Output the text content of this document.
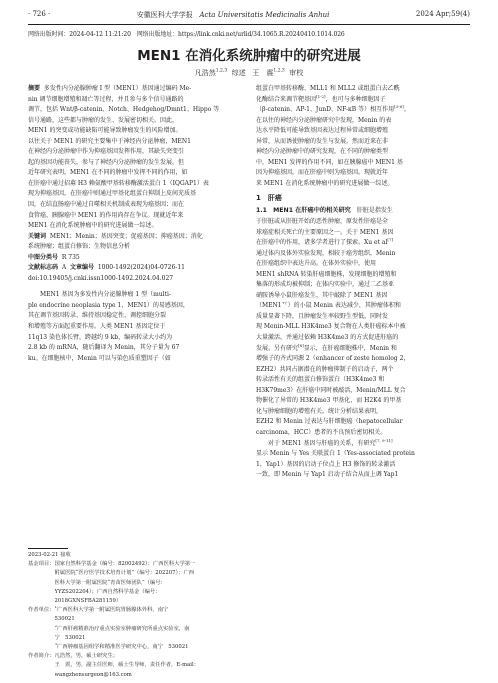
· 726 ·	安徽医科大学学报 Acta Universitatis Medicinalis Anhui	2024 Apr;59(4)
网络出版时间：2024-04-12 11:21:20　网络出版地址：https://link.cnki.net/urlid/34.1065.R.20240410.1014.026
MEN1 在消化系统肿瘤中的研究进展
凡浩然$^{1,2,3}$ 综述 王　震$^{1,2,3}$ 审校
摘要 多发性内分泌腺肿瘤 Ⅰ 型（MEN1）基因通过编码 Me-
nin 调节细胞增殖和凋亡等过程，并且参与多个信号通路的
调节，包括 Wnt/β-catenin、Notch、Hedgehog/Dmnt1、Hippo 等
信号通路，这些都与肿瘤的发生、发展密切相关。因此，
MEN1 的突变或功能缺陷可能导致肿瘤发生的风险增加。
以往关于 MEN1 的研究主要集中于神经内分泌肿瘤，MEN1
在神经内分泌肿瘤中作为抑癌基因发挥作用，其缺失突变引
起的基因功能丧失，参与了神经内分泌肿瘤的发生发展。但
近年研究表明，MEN1 在不同的肿瘤中发挥不同的作用，如
在肝癌中通过招募 H3 赖氨酸甲基转移酶激活蛋白 1（IQGAP1）表
现为抑癌基因，在肝癌中则通过甲基化组蛋白抑制上皮间充质基
因，在结直肠癌中通过自噬相关机制成表现为癌基因；而在
食管癌、胰腺癌中 MEN1 的作用尚存在争议。现就近年来
MEN1 在消化系统肿瘤中的研究进展做一综述。
关键词 MEN1；Menin；基因突变；促癌基因；抑癌基因；消化
系统肿瘤；组蛋白修饰；生物信息分析
中图分类号 R 735
文献标志码 A 文章编号 1000-1492(2024)04-0726-11
doi:10.19405/j.cnki.issn1000-1492.2024.04.027
MEN1 基因为多发性内分泌腺肿瘤 1 型（multi-
ple endocrine neoplasia type 1，MEN1）的易感基因，
其在调节基因转录、维持基因稳定性、调控细胞分裂
和增殖等方面起重要作用。人类 MEN1 基因定位于
11q13 染色体长臂，跨越约 9 kb，编码转录大小约为
2.8 kb 的 mRNA，随后翻译为 Menin，其分子量为 67
ku。在细胞核中，Menin 可以与染色质重塑因子（如
2023-02-21 接收
基金项目： 国家自然科学基金（编号：82002492）；广西医科大学第一
附属医院“医疗医学技术培育计划”（编号：202207）；广西
医科大学第一附属医院“青苗医师团队”（编号：
YYZS202204）；广西自然科学基金（编号：
2018GXNSFBA281159）
作者单位：
$^1$广西医科大学第一附属医院胃肠腺体外科，南宁
530021
$^2$广西肝癌精准治疗重点实验室肿瘤研究所重点实验室，南
宁　530021
$^3$广西肿瘤基因组学和精准医学研究中心，南宁　530021
作者简介： 凡浩然，男，硕士研究生；
王　震，男，副主任医师，硕士生导师，责任作者，E-mail：
wangzhensurgeon@163.com
组蛋白甲基转移酶、MLL1 和 MLL2 或组蛋白去乙酰
化酶结合来调节靶基因[1-2]，也可与多种细胞因子
（β-catenin、AP-1、JunD、NF-κB 等）相互作用[3-6]。
在以往的神经内分泌肿瘤研究中发现，Menin 的表
达水平降低可能导致基因表达过程异常或细胞增殖
异常，从而诱使肿瘤的发生与发展。然而近来在非
神经内分泌肿瘤中的研究发现，在不同的肿瘤类型
中，MEN1 发挥的作用不同，如在胰腺癌中 MEN1 基
因为抑癌基因，而在肝癌中则为癌基因。现就近年
来 MEN1 在消化系统肿瘤中的研究进展做一综述。
1　肝癌
1.1　MEN1 在肝癌中的相关研究　肝脏是指发生
于肝脏或从肝脏开始的恶性肿瘤，原发性肝癌是全
球癌症相关死亡的主要原因之一。关于 MEN1 基因
在肝癌中的作用，诸多学者进行了探索。Xu et al[7]
通过体内及体外实验发现，相较于癌旁组织，Menin
在肝癌组织中表达升高。在体外实验中，使用
MEN1 shRNA 转染肝癌细胞株，发现细胞的增殖和
集落的形成均被抑制；在体内实验中，通过二乙基亚
硝胺诱导小鼠肝癌发生，其中敲除了 MEN1 基因
（MEN1+/-）的小鼠 Menin 表达减少，其肿瘤体积和
质量显著下降，且肿瘤发生率较野生型低。同时发
现 Menin-MLL H3K4me3 复合物在人类肝癌标本中被
大量激活，并通过依赖 H3K4me3 的方式促进肝癌的
发展。另有研究[8]显示，在肝癌细胞株中，Menin 和
增强子的齐式同源 2（enhancer of zeste homolog 2，
EZH2）共同占据潜在的肿瘤抑制子的启动子，两个
转录活性有关的组蛋白修饰蛋白（H3K4me3 和
H3K79me3）在肝癌中同时被敲活，Menin/MLL 复合
物催化了异常的 H3K4me3 甲基化，而 H2K4 的甲基
化与肿瘤细胞的增殖有关。统计分析结果表明，
EZH2 和 Menin 过表达与肝细胞癌（hepatocellular
carcinoma，HCC）患者的不良预后密切相关。
　　对于 MEN1 基因与肝癌的关系，有研究[7, 9-11]
显示 Menin 与 Yes 关联蛋白 1（Yes-associated protein
1，Yap1）基因的启动子位点上 H3 修饰的转录激活
一致，即 Menin 与 Yap1 启动子结合从而上调 Yap1
